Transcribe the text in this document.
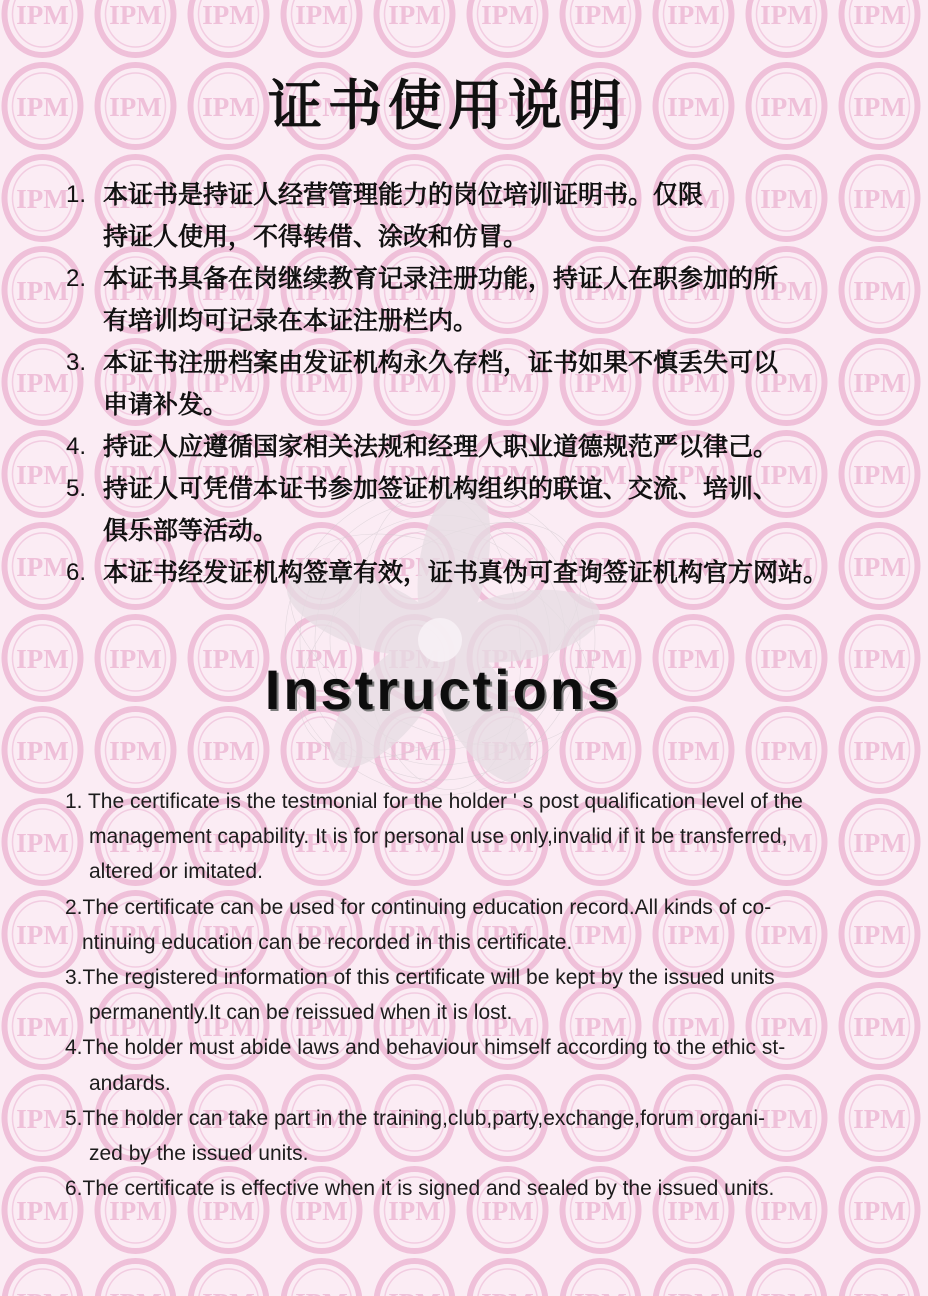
证书使用说明
1. 本证书是持证人经营管理能力的岗位培训证明书。仅限
持证人使用，不得转借、涂改和仿冒。
2. 本证书具备在岗继续教育记录注册功能，持证人在职参加的所
有培训均可记录在本证注册栏内。
3. 本证书注册档案由发证机构永久存档，证书如果不慎丢失可以
申请补发。
4. 持证人应遵循国家相关法规和经理人职业道德规范严以律己。
5. 持证人可凭借本证书参加签证机构组织的联谊、交流、培训、
俱乐部等活动。
6. 本证书经发证机构签章有效，证书真伪可查询签证机构官方网站。
Instructions
1. The certificate is the testmonial for the holder ' s post qualification level of the
management capability. It is for personal use only,invalid if it be transferred,
altered or imitated.
2.The certificate can be used for continuing education record.All kinds of co-
ntinuing education can be recorded in this certificate.
3.The registered information of this certificate will be kept by the issued units
permanently.It can be reissued when it is lost.
4.The holder must abide laws and behaviour himself according to the ethic st-
andards.
5.The holder can take part in the training,club,party,exchange,forum organi-
zed by the issued units.
6.The certificate is effective when it is signed and sealed by the issued units.
